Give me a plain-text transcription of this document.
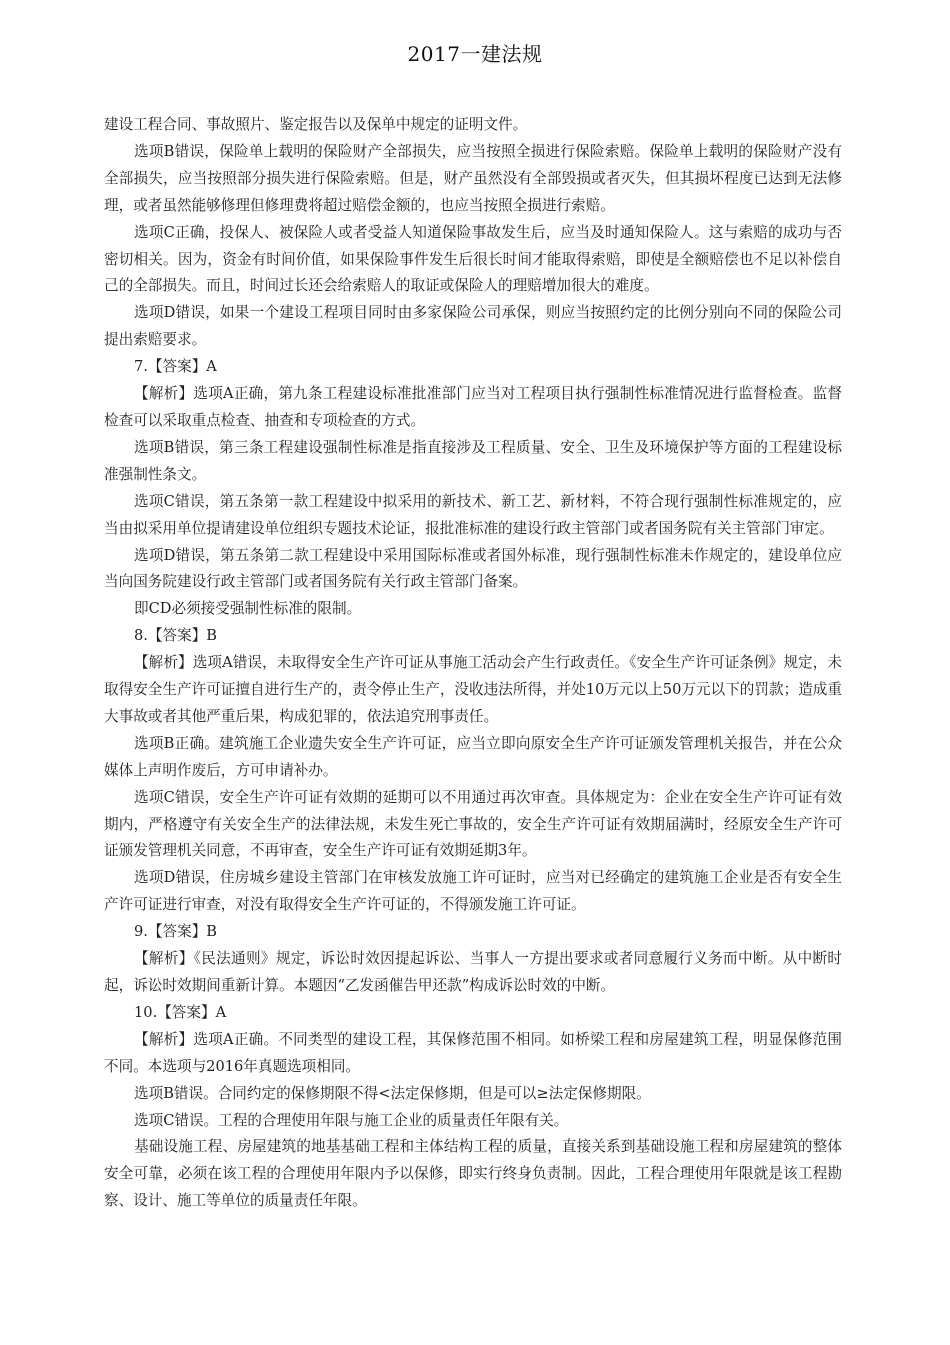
2017一建法规

建设工程合同、事故照片、鉴定报告以及保单中规定的证明文件。

选项B错误，保险单上载明的保险财产全部损失，应当按照全损进行保险索赔。保险单上载明的保险财产没有全部损失，应当按照部分损失进行保险索赔。但是，财产虽然没有全部毁损或者灭失，但其损坏程度已达到无法修理，或者虽然能够修理但修理费将超过赔偿金额的，也应当按照全损进行索赔。

选项C正确，投保人、被保险人或者受益人知道保险事故发生后，应当及时通知保险人。这与索赔的成功与否密切相关。因为，资金有时间价值，如果保险事件发生后很长时间才能取得索赔，即使是全额赔偿也不足以补偿自己的全部损失。而且，时间过长还会给索赔人的取证或保险人的理赔增加很大的难度。

选项D错误，如果一个建设工程项目同时由多家保险公司承保，则应当按照约定的比例分别向不同的保险公司提出索赔要求。

7.【答案】A

【解析】选项A正确，第九条工程建设标准批准部门应当对工程项目执行强制性标准情况进行监督检查。监督检查可以采取重点检查、抽查和专项检查的方式。

选项B错误，第三条工程建设强制性标准是指直接涉及工程质量、安全、卫生及环境保护等方面的工程建设标准强制性条文。

选项C错误，第五条第一款工程建设中拟采用的新技术、新工艺、新材料，不符合现行强制性标准规定的，应当由拟采用单位提请建设单位组织专题技术论证，报批准标准的建设行政主管部门或者国务院有关主管部门审定。

选项D错误，第五条第二款工程建设中采用国际标准或者国外标准，现行强制性标准未作规定的，建设单位应当向国务院建设行政主管部门或者国务院有关行政主管部门备案。

即CD必须接受强制性标准的限制。

8.【答案】B

【解析】选项A错误，未取得安全生产许可证从事施工活动会产生行政责任。《安全生产许可证条例》规定，未取得安全生产许可证擅自进行生产的，责令停止生产，没收违法所得，并处10万元以上50万元以下的罚款；造成重大事故或者其他严重后果，构成犯罪的，依法追究刑事责任。

选项B正确。建筑施工企业遗失安全生产许可证，应当立即向原安全生产许可证颁发管理机关报告，并在公众媒体上声明作废后，方可申请补办。

选项C错误，安全生产许可证有效期的延期可以不用通过再次审查。具体规定为：企业在安全生产许可证有效期内，严格遵守有关安全生产的法律法规，未发生死亡事故的，安全生产许可证有效期届满时，经原安全生产许可证颁发管理机关同意，不再审查，安全生产许可证有效期延期3年。

选项D错误，住房城乡建设主管部门在审核发放施工许可证时，应当对已经确定的建筑施工企业是否有安全生产许可证进行审查，对没有取得安全生产许可证的，不得颁发施工许可证。

9.【答案】B

【解析】《民法通则》规定，诉讼时效因提起诉讼、当事人一方提出要求或者同意履行义务而中断。从中断时起，诉讼时效期间重新计算。本题因“乙发函催告甲还款”构成诉讼时效的中断。

10.【答案】A

【解析】选项A正确。不同类型的建设工程，其保修范围不相同。如桥梁工程和房屋建筑工程，明显保修范围不同。本选项与2016年真题选项相同。

选项B错误。合同约定的保修期限不得<法定保修期，但是可以≥法定保修期限。

选项C错误。工程的合理使用年限与施工企业的质量责任年限有关。

基础设施工程、房屋建筑的地基基础工程和主体结构工程的质量，直接关系到基础设施工程和房屋建筑的整体安全可靠，必须在该工程的合理使用年限内予以保修，即实行终身负责制。因此，工程合理使用年限就是该工程勘察、设计、施工等单位的质量责任年限。
